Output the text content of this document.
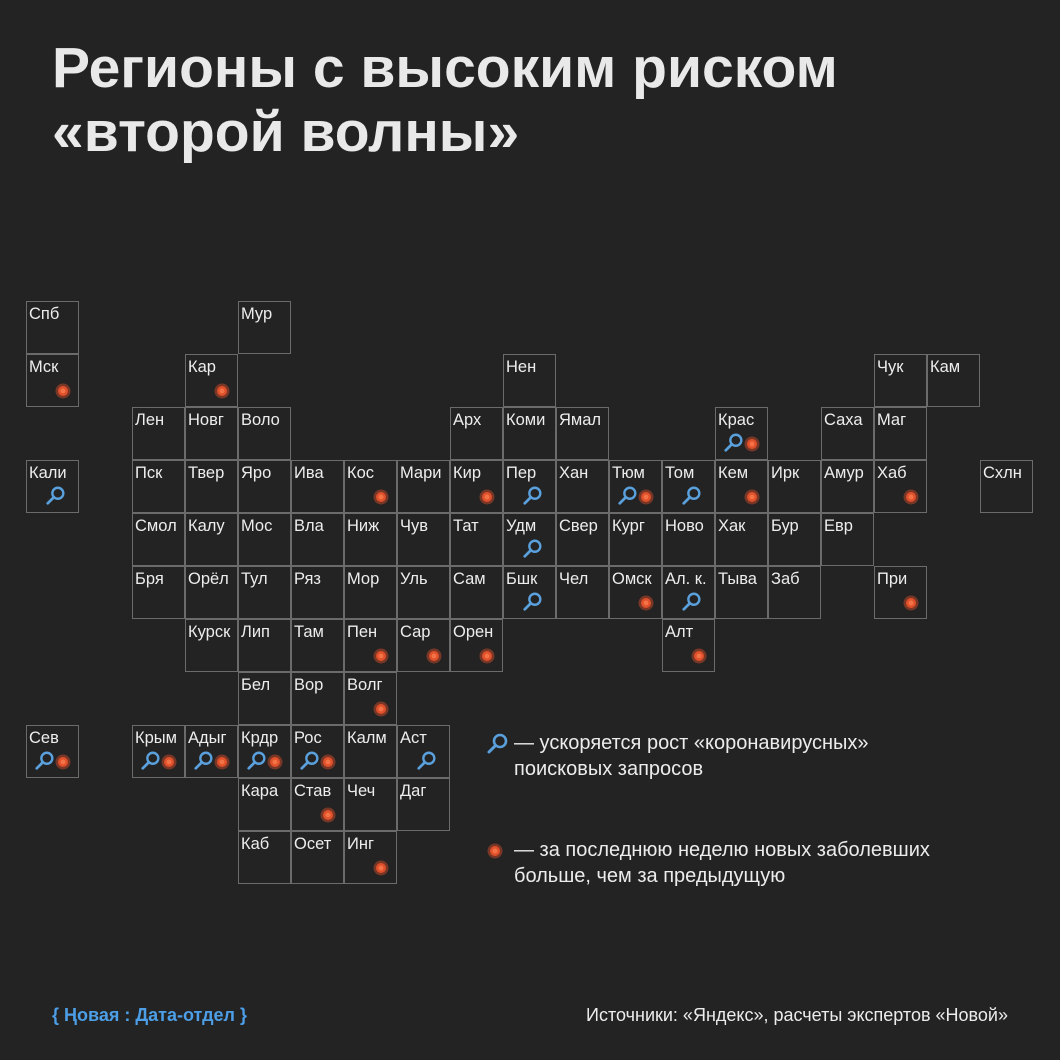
Регионы с высоким риском
«второй волны»
Спб	Мур
Мск	Кар	Нен	Чук Кам
Лен Новг Воло	Арх Коми Ямал	Крас	Саха Маг
Кали	Пск Твер Яро Ива Кос Мари Кир Пер Хан Тюм Том Кем Ирк Амур Хаб	Схлн
Смол Калу Мос Вла Ниж Чув Тат Удм Свер Кург Ново Хак Бур Евр
Бря Орёл Тул Ряз Мор Уль Сам Бшк Чел Омск Ал. к. Тыва Заб	При
Курск Лип Там Пен Сар Орен	Алт
Бел Вор Волг
Сев	Крым Адыг Крдр Рос Калм Аст
Кара Став Чеч Даг
Каб Осет Инг
— ускоряется рост «коронавирусных»
поисковых запросов
— за последнюю неделю новых заболевших
больше, чем за предыдущую
{ Ңовая : Дата-отдел }	Источники: «Яндекс», расчеты экспертов «Новой»
